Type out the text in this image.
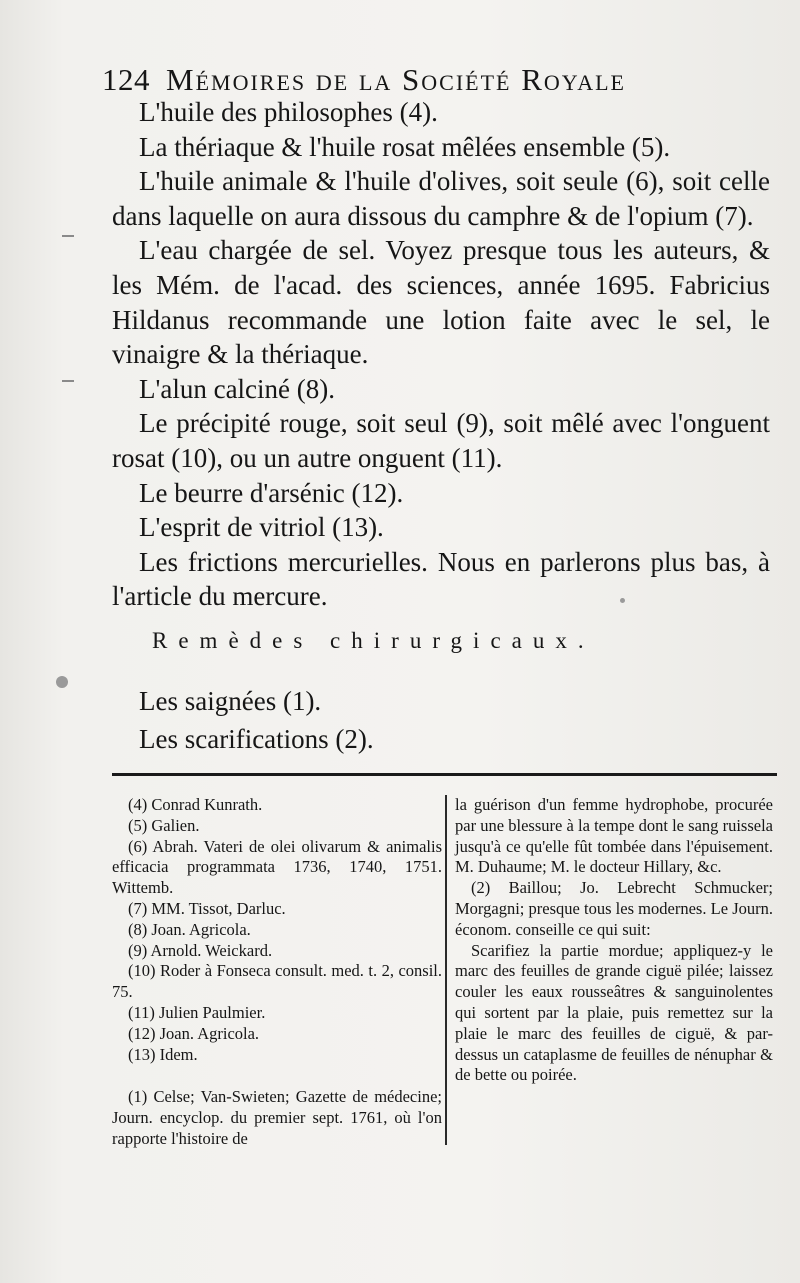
124 Mémoires de la Société Royale

L'huile des philosophes (4).

La thériaque & l'huile rosat mêlées ensemble (5).

L'huile animale & l'huile d'olives, soit seule (6), soit celle dans laquelle on aura dissous du camphre & de l'opium (7).

L'eau chargée de sel. Voyez presque tous les auteurs, & les Mém. de l'acad. des sciences, année 1695. Fabricius Hildanus recommande une lotion faite avec le sel, le vinaigre & la thériaque.

L'alun calciné (8).

Le précipité rouge, soit seul (9), soit mêlé avec l'onguent rosat (10), ou un autre onguent (11).

Le beurre d'arsénic (12).

L'esprit de vitriol (13).

Les frictions mercurielles. Nous en parlerons plus bas, à l'article du mercure.

Remèdes chirurgicaux.

Les saignées (1).

Les scarifications (2).

(4) Conrad Kunrath.

(5) Galien.

(6) Abrah. Vateri de olei olivarum & animalis efficacia programmata 1736, 1740, 1751. Wittemb.

(7) MM. Tissot, Darluc.

(8) Joan. Agricola.

(9) Arnold. Weickard.

(10) Roder à Fonseca consult. med. t. 2, consil. 75.

(11) Julien Paulmier.

(12) Joan. Agricola.

(13) Idem.

(1) Celse; Van-Swieten; Gazette de médecine; Journ. encyclop. du premier sept. 1761, où l'on rapporte l'histoire de

la guérison d'un femme hydrophobe, procurée par une blessure à la tempe dont le sang ruissela jusqu'à ce qu'elle fût tombée dans l'épuisement. M. Duhaume; M. le docteur Hillary, &c.

(2) Baillou; Jo. Lebrecht Schmucker; Morgagni; presque tous les modernes. Le Journ. économ. conseille ce qui suit:

Scarifiez la partie mordue; appliquez-y le marc des feuilles de grande ciguë pilée; laissez couler les eaux rousseâtres & sanguinolentes qui sortent par la plaie, puis remettez sur la plaie le marc des feuilles de ciguë, & par-dessus un cataplasme de feuilles de nénuphar & de bette ou poirée.
